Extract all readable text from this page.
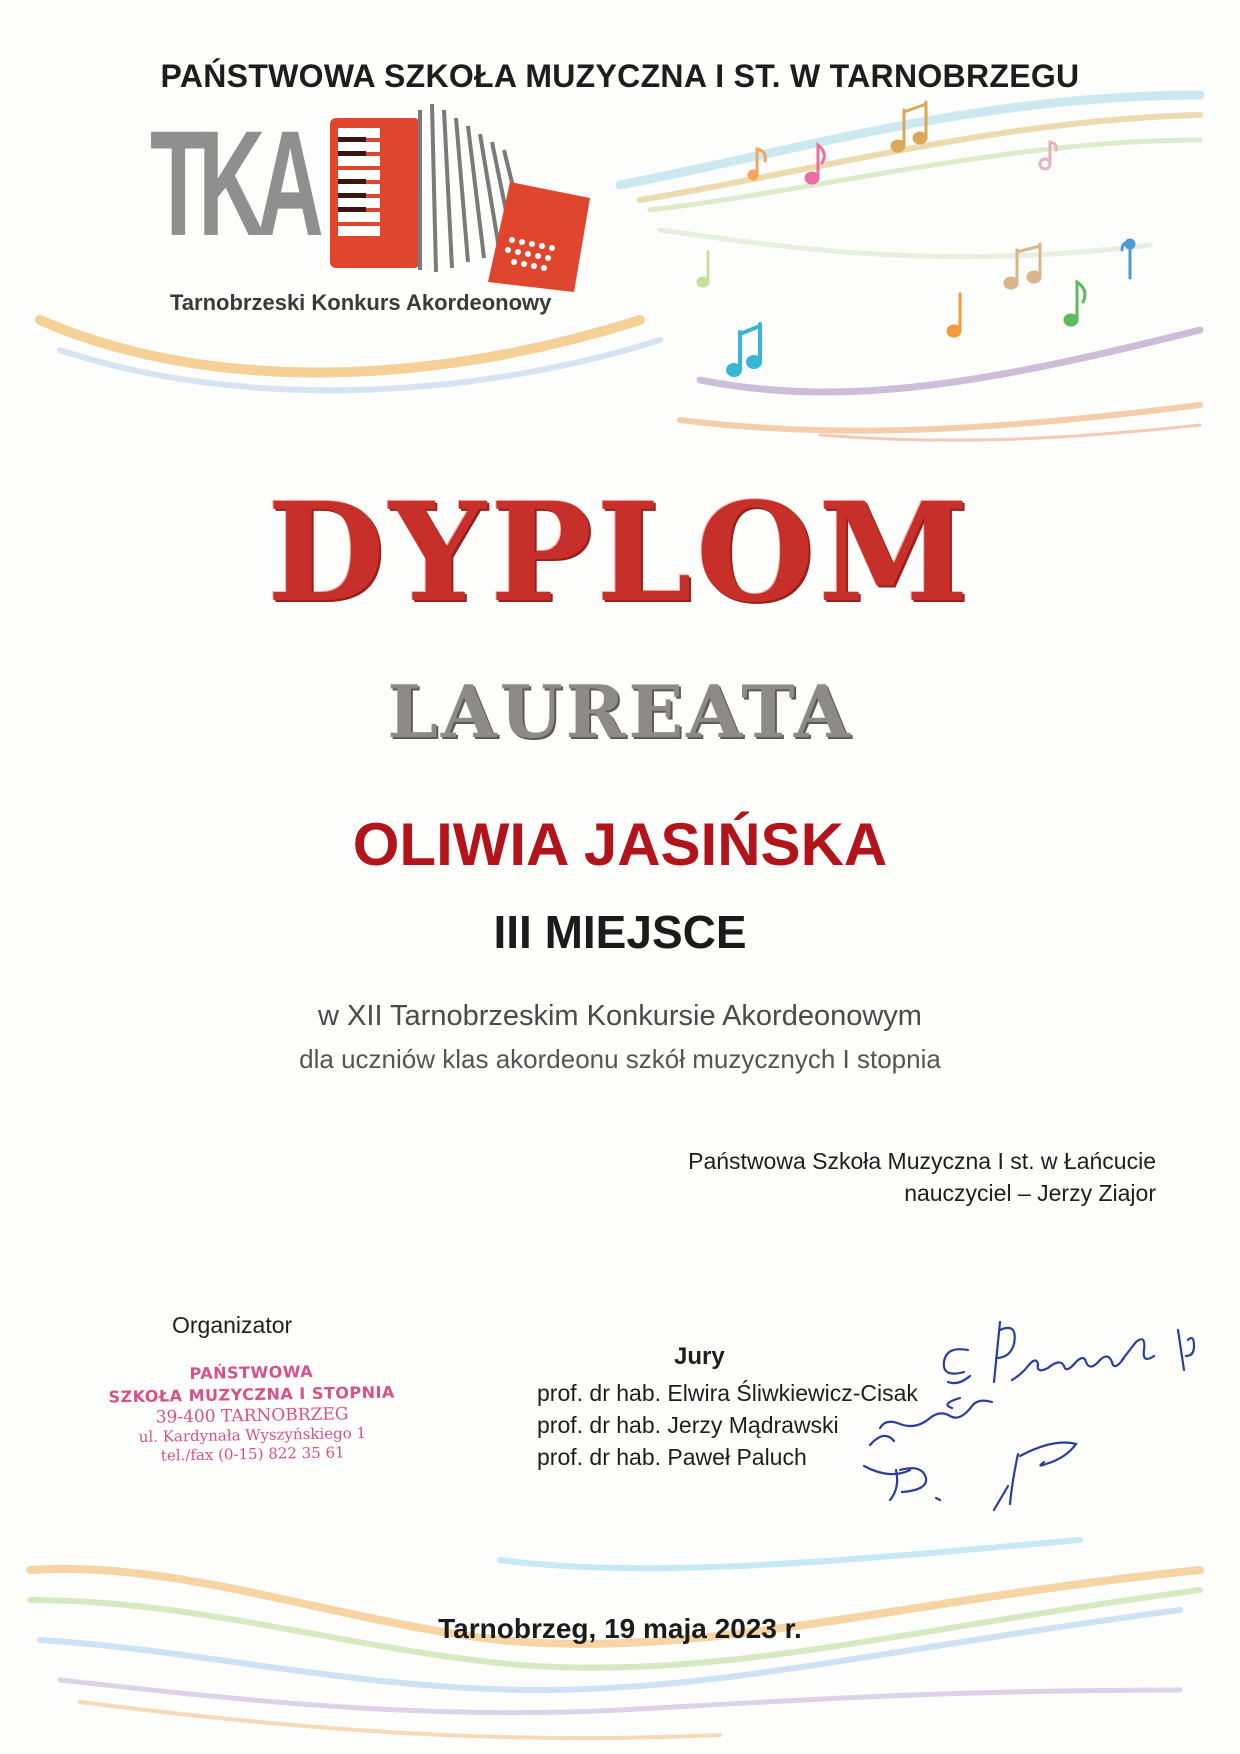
PAŃSTWOWA SZKOŁA MUZYCZNA I ST. W TARNOBRZEGU
TKA
Tarnobrzeski Konkurs Akordeonowy
DYPLOM
LAUREATA
OLIWIA JASIŃSKA
III MIEJSCE
w XII Tarnobrzeskim Konkursie Akordeonowym
dla uczniów klas akordeonu szkół muzycznych I stopnia
Państwowa Szkoła Muzyczna I st. w Łańcucie
nauczyciel – Jerzy Ziajor
Organizator
PAŃSTWOWA
SZKOŁA MUZYCZNA I STOPNIA
39-400 TARNOBRZEG
ul. Kardynała Wyszyńskiego 1
tel./fax (0-15) 822 35 61
Jury
prof. dr hab. Elwira Śliwkiewicz-Cisak
prof. dr hab. Jerzy Mądrawski
prof. dr hab. Paweł Paluch
Tarnobrzeg, 19 maja 2023 r.
